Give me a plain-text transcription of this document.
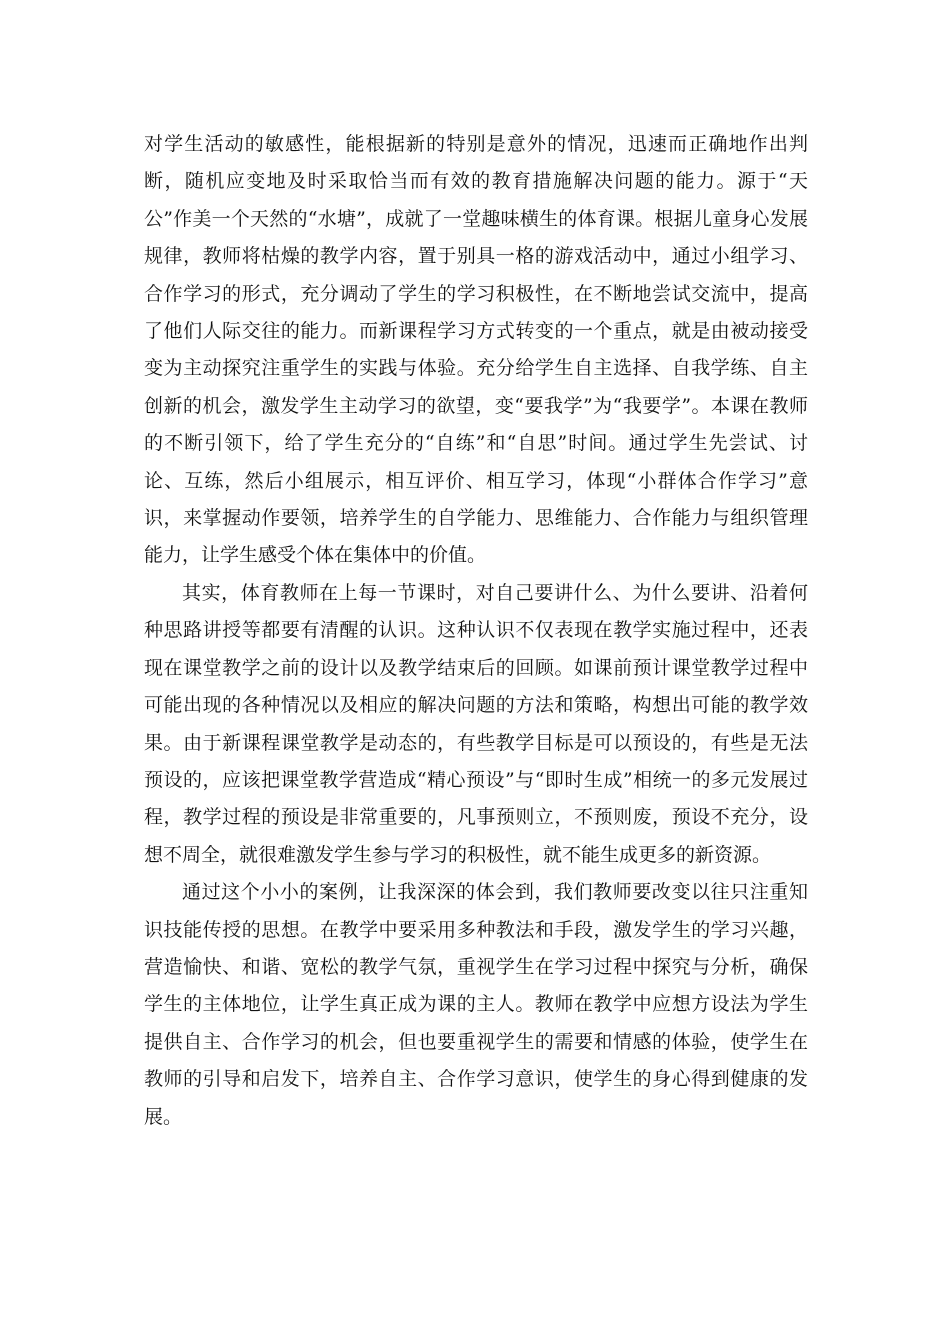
对学生活动的敏感性，能根据新的特别是意外的情况，迅速而正确地作出判断，随机应变地及时采取恰当而有效的教育措施解决问题的能力。源于“天公”作美一个天然的“水塘”，成就了一堂趣味横生的体育课。根据儿童身心发展规律，教师将枯燥的教学内容，置于别具一格的游戏活动中，通过小组学习、合作学习的形式，充分调动了学生的学习积极性，在不断地尝试交流中，提高了他们人际交往的能力。而新课程学习方式转变的一个重点，就是由被动接受变为主动探究注重学生的实践与体验。充分给学生自主选择、自我学练、自主创新的机会，激发学生主动学习的欲望，变“要我学”为“我要学”。本课在教师的不断引领下，给了学生充分的“自练”和“自思”时间。通过学生先尝试、讨论、互练，然后小组展示，相互评价、相互学习，体现“小群体合作学习”意识，来掌握动作要领，培养学生的自学能力、思维能力、合作能力与组织管理能力，让学生感受个体在集体中的价值。

其实，体育教师在上每一节课时，对自己要讲什么、为什么要讲、沿着何种思路讲授等都要有清醒的认识。这种认识不仅表现在教学实施过程中，还表现在课堂教学之前的设计以及教学结束后的回顾。如课前预计课堂教学过程中可能出现的各种情况以及相应的解决问题的方法和策略，构想出可能的教学效果。由于新课程课堂教学是动态的，有些教学目标是可以预设的，有些是无法预设的，应该把课堂教学营造成“精心预设”与“即时生成”相统一的多元发展过程，教学过程的预设是非常重要的，凡事预则立，不预则废，预设不充分，设想不周全，就很难激发学生参与学习的积极性，就不能生成更多的新资源。

通过这个小小的案例，让我深深的体会到，我们教师要改变以往只注重知识技能传授的思想。在教学中要采用多种教法和手段，激发学生的学习兴趣，营造愉快、和谐、宽松的教学气氛，重视学生在学习过程中探究与分析，确保学生的主体地位，让学生真正成为课的主人。教师在教学中应想方设法为学生提供自主、合作学习的机会，但也要重视学生的需要和情感的体验，使学生在教师的引导和启发下，培养自主、合作学习意识，使学生的身心得到健康的发展。
